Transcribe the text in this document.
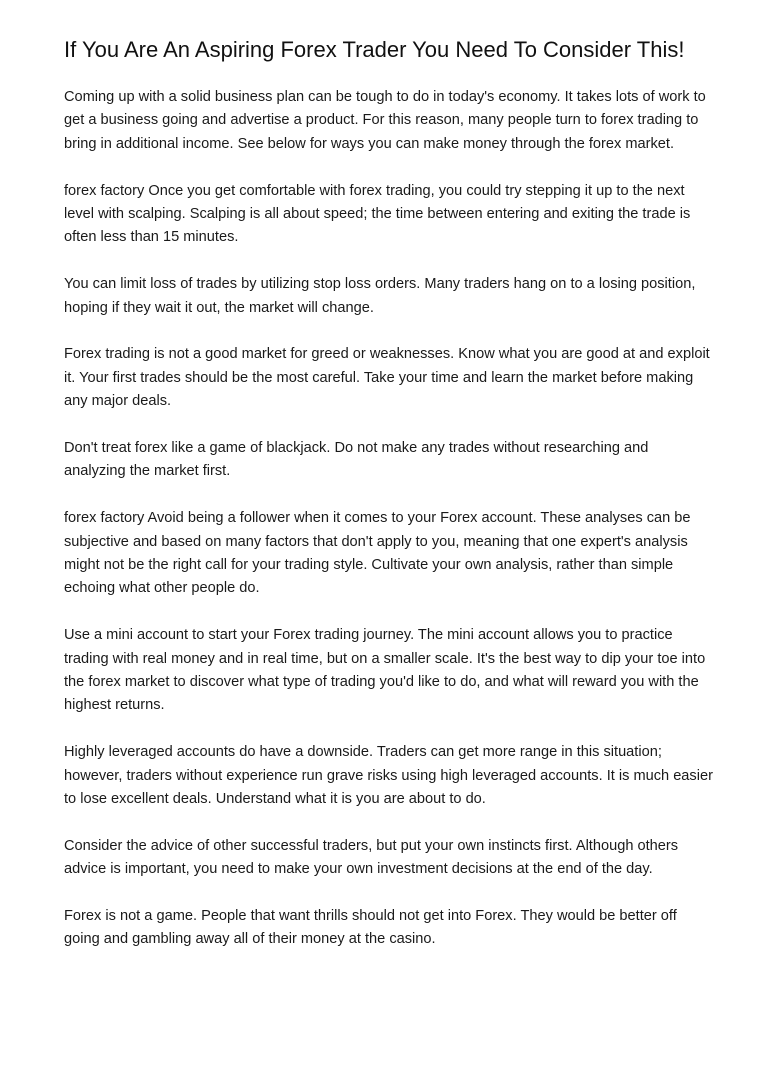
If You Are An Aspiring Forex Trader You Need To Consider This!

Coming up with a solid business plan can be tough to do in today's economy. It takes lots of work to get a business going and advertise a product. For this reason, many people turn to forex trading to bring in additional income. See below for ways you can make money through the forex market.

forex factory Once you get comfortable with forex trading, you could try stepping it up to the next level with scalping. Scalping is all about speed; the time between entering and exiting the trade is often less than 15 minutes.

You can limit loss of trades by utilizing stop loss orders. Many traders hang on to a losing position, hoping if they wait it out, the market will change.

Forex trading is not a good market for greed or weaknesses. Know what you are good at and exploit it. Your first trades should be the most careful. Take your time and learn the market before making any major deals.

Don't treat forex like a game of blackjack. Do not make any trades without researching and analyzing the market first.

forex factory Avoid being a follower when it comes to your Forex account. These analyses can be subjective and based on many factors that don't apply to you, meaning that one expert's analysis might not be the right call for your trading style. Cultivate your own analysis, rather than simple echoing what other people do.

Use a mini account to start your Forex trading journey. The mini account allows you to practice trading with real money and in real time, but on a smaller scale. It's the best way to dip your toe into the forex market to discover what type of trading you'd like to do, and what will reward you with the highest returns.

Highly leveraged accounts do have a downside. Traders can get more range in this situation; however, traders without experience run grave risks using high leveraged accounts. It is much easier to lose excellent deals. Understand what it is you are about to do.

Consider the advice of other successful traders, but put your own instincts first. Although others advice is important, you need to make your own investment decisions at the end of the day.

Forex is not a game. People that want thrills should not get into Forex. They would be better off going and gambling away all of their money at the casino.
